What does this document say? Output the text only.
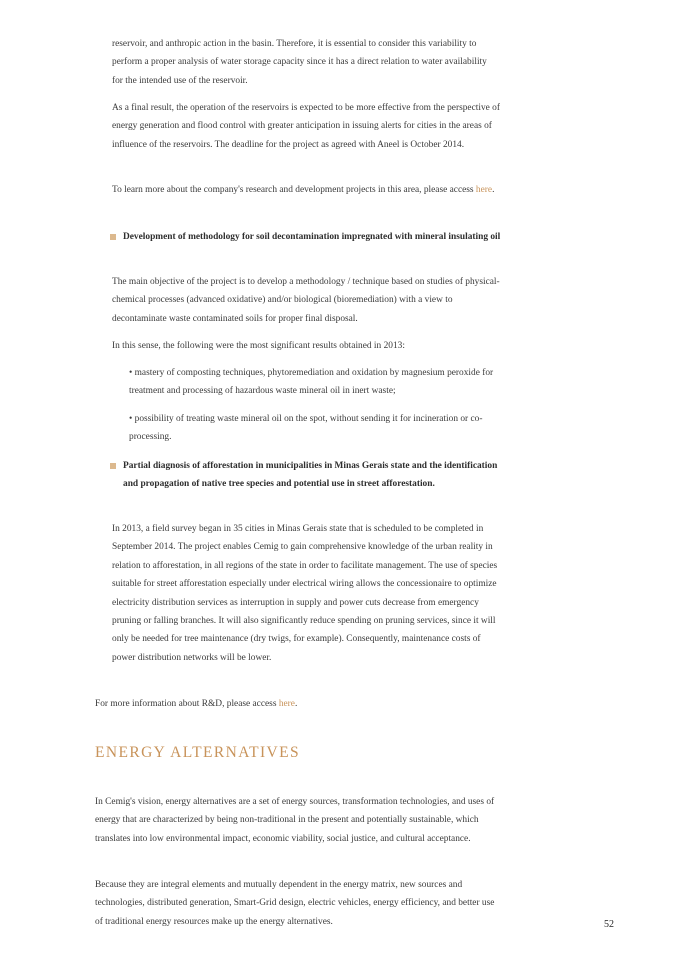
reservoir, and anthropic action in the basin. Therefore, it is essential to consider this variability to perform a proper analysis of water storage capacity since it has a direct relation to water availability for the intended use of the reservoir.

As a final result, the operation of the reservoirs is expected to be more effective from the perspective of energy generation and flood control with greater anticipation in issuing alerts for cities in the areas of influence of the reservoirs. The deadline for the project as agreed with Aneel is October 2014.

To learn more about the company's research and development projects in this area, please access here.

Development of methodology for soil decontamination impregnated with mineral insulating oil

The main objective of the project is to develop a methodology / technique based on studies of physical-chemical processes (advanced oxidative) and/or biological (bioremediation) with a view to decontaminate waste contaminated soils for proper final disposal.

In this sense, the following were the most significant results obtained in 2013:

• mastery of composting techniques, phytoremediation and oxidation by magnesium peroxide for treatment and processing of hazardous waste mineral oil in inert waste;

• possibility of treating waste mineral oil on the spot, without sending it for incineration or co-processing.

Partial diagnosis of afforestation in municipalities in Minas Gerais state and the identification and propagation of native tree species and potential use in street afforestation.

In 2013, a field survey began in 35 cities in Minas Gerais state that is scheduled to be completed in September 2014. The project enables Cemig to gain comprehensive knowledge of the urban reality in relation to afforestation, in all regions of the state in order to facilitate management. The use of species suitable for street afforestation especially under electrical wiring allows the concessionaire to optimize electricity distribution services as interruption in supply and power cuts decrease from emergency pruning or falling branches. It will also significantly reduce spending on pruning services, since it will only be needed for tree maintenance (dry twigs, for example). Consequently, maintenance costs of power distribution networks will be lower.

For more information about R&D, please access here.

ENERGY ALTERNATIVES

In Cemig's vision, energy alternatives are a set of energy sources, transformation technologies, and uses of energy that are characterized by being non-traditional in the present and potentially sustainable, which translates into low environmental impact, economic viability, social justice, and cultural acceptance.

Because they are integral elements and mutually dependent in the energy matrix, new sources and technologies, distributed generation, Smart-Grid design, electric vehicles, energy efficiency, and better use of traditional energy resources make up the energy alternatives.	52
